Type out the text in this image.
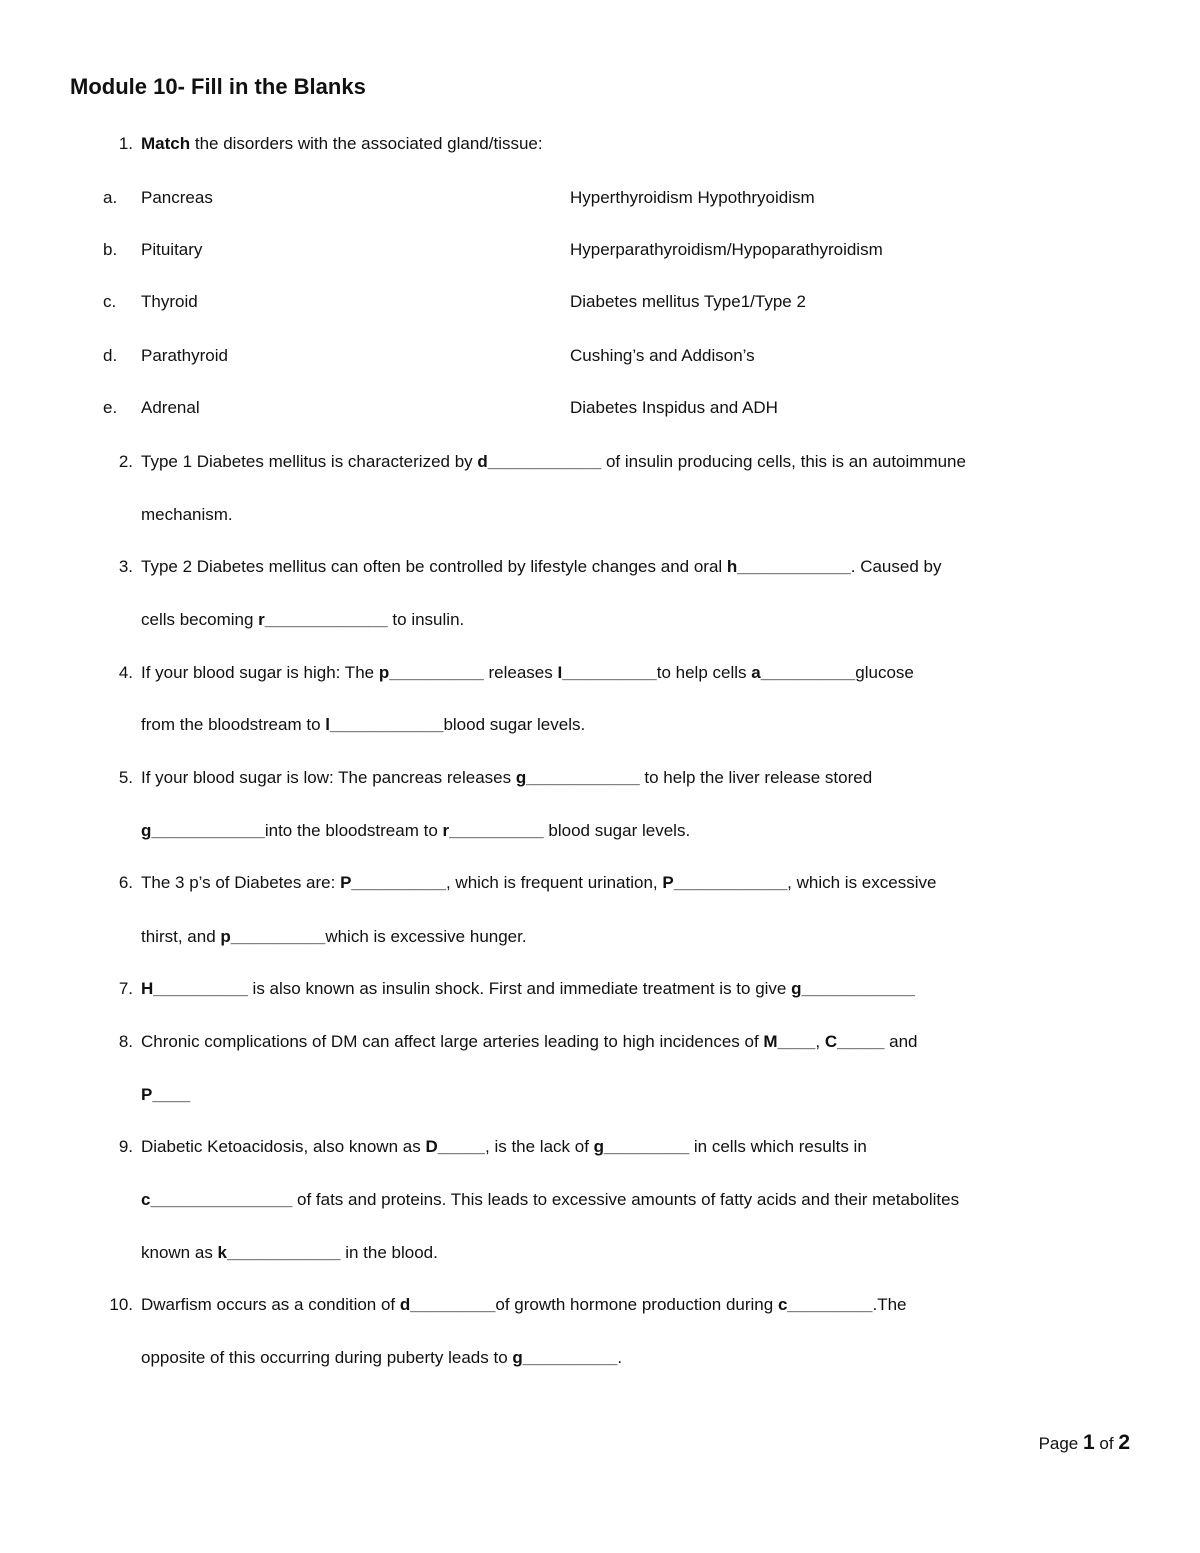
Module 10- Fill in the Blanks
1. Match the disorders with the associated gland/tissue:
a.	Pancreas	Hyperthyroidism Hypothryoidism
b.	Pituitary	Hyperparathyroidism/Hypoparathyroidism
c.	Thyroid	Diabetes mellitus Type1/Type 2
d.	Parathyroid	Cushing’s and Addison’s
e.	Adrenal	Diabetes Inspidus and ADH
2. Type 1 Diabetes mellitus is characterized by d____________ of insulin producing cells, this is an autoimmune
mechanism.
3. Type 2 Diabetes mellitus can often be controlled by lifestyle changes and oral h____________. Caused by
cells becoming r_____________ to insulin.
4. If your blood sugar is high: The p__________ releases I__________to help cells a__________glucose
from the bloodstream to l____________blood sugar levels.
5. If your blood sugar is low: The pancreas releases g____________ to help the liver release stored
g____________into the bloodstream to r__________ blood sugar levels.
6. The 3 p’s of Diabetes are: P__________, which is frequent urination, P____________, which is excessive
thirst, and p__________which is excessive hunger.
7. H__________ is also known as insulin shock. First and immediate treatment is to give g____________
8. Chronic complications of DM can affect large arteries leading to high incidences of M____, C_____ and
P____
9. Diabetic Ketoacidosis, also known as D_____, is the lack of g_________ in cells which results in
c_______________ of fats and proteins. This leads to excessive amounts of fatty acids and their metabolites
known as k____________ in the blood.
10. Dwarfism occurs as a condition of d_________of growth hormone production during c_________.The
opposite of this occurring during puberty leads to g__________.
Page 1 of 2
